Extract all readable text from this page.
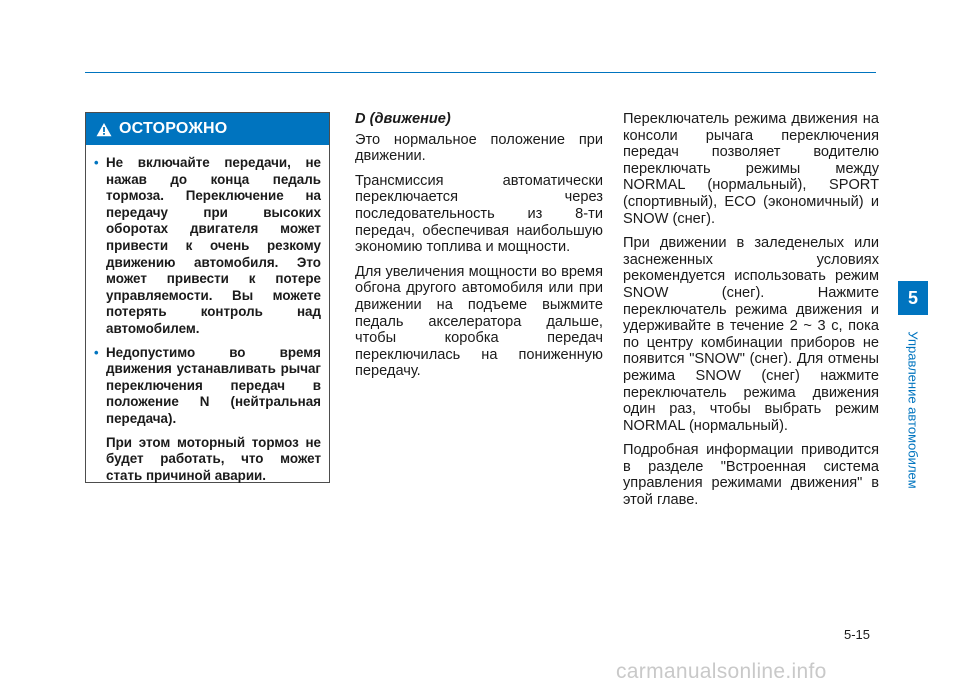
ОСТОРОЖНО
• Не включайте передачи, не нажав до конца педаль тормоза. Переключение на передачу при высоких оборотах двигателя может привести к очень резкому движению автомобиля. Это может привести к потере управляемости. Вы можете потерять контроль над автомобилем.
• Недопустимо во время движения устанавливать рычаг переключения передач в положение N (нейтральная передача).
При этом моторный тормоз не будет работать, что может стать причиной аварии.

D (движение)

Это нормальное положение при движении.

Трансмиссия автоматически переключается через последовательность из 8-ти передач, обеспечивая наибольшую экономию топлива и мощности.

Для увеличения мощности во время обгона другого автомобиля или при движении на подъеме выжмите педаль акселератора дальше, чтобы коробка передач переключилась на пониженную передачу.

Переключатель режима движения на консоли рычага переключения передач позволяет водителю переключать режимы между NORMAL (нормальный), SPORT (спортивный), ECO (экономичный) и SNOW (снег).

При движении в заледенелых или заснеженных условиях рекомендуется использовать режим SNOW (снег). Нажмите переключатель режима движения и удерживайте в течение 2 ~ 3 с, пока по центру комбинации приборов не появится "SNOW" (снег). Для отмены режима SNOW (снег) нажмите переключатель режима движения один раз, чтобы выбрать режим NORMAL (нормальный).

Подробная информации приводится в разделе "Встроенная система управления режимами движения" в этой главе.

5
Управление автомобилем
5-15
carmanualsonline.info
